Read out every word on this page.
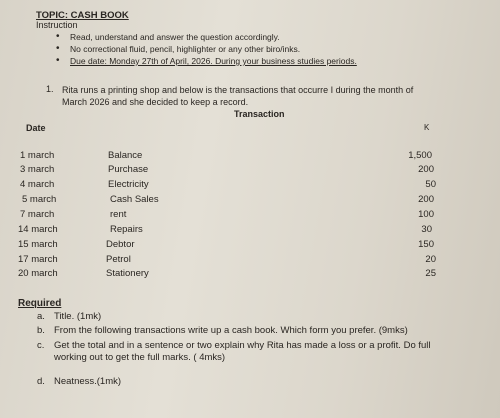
TOPIC: CASH BOOK
Instruction
• Read, understand and answer the question accordingly.
• No correctional fluid, pencil, highlighter or any other biro/inks.
• Due date: Monday 27th of April, 2026. During your business studies periods.
1. Rita runs a printing shop and below is the transactions that occurre I during the month of
March 2026 and she decided to keep a record.
Transaction
Date	K
1 march	Balance	1,500
3 march	Purchase	200
4 march	Electricity	50
5 march	Cash Sales	200
7 march	rent	100
14 march	Repairs	30
15 march	Debtor	150
17 march	Petrol	20
20 march	Stationery	25
Required
a. Title. (1mk)
b. From the following transactions write up a cash book. Which form you prefer. (9mks)
c. Get the total and in a sentence or two explain why Rita has made a loss or a profit. Do full
working out to get the full marks. ( 4mks)
d. Neatness.(1mk)
